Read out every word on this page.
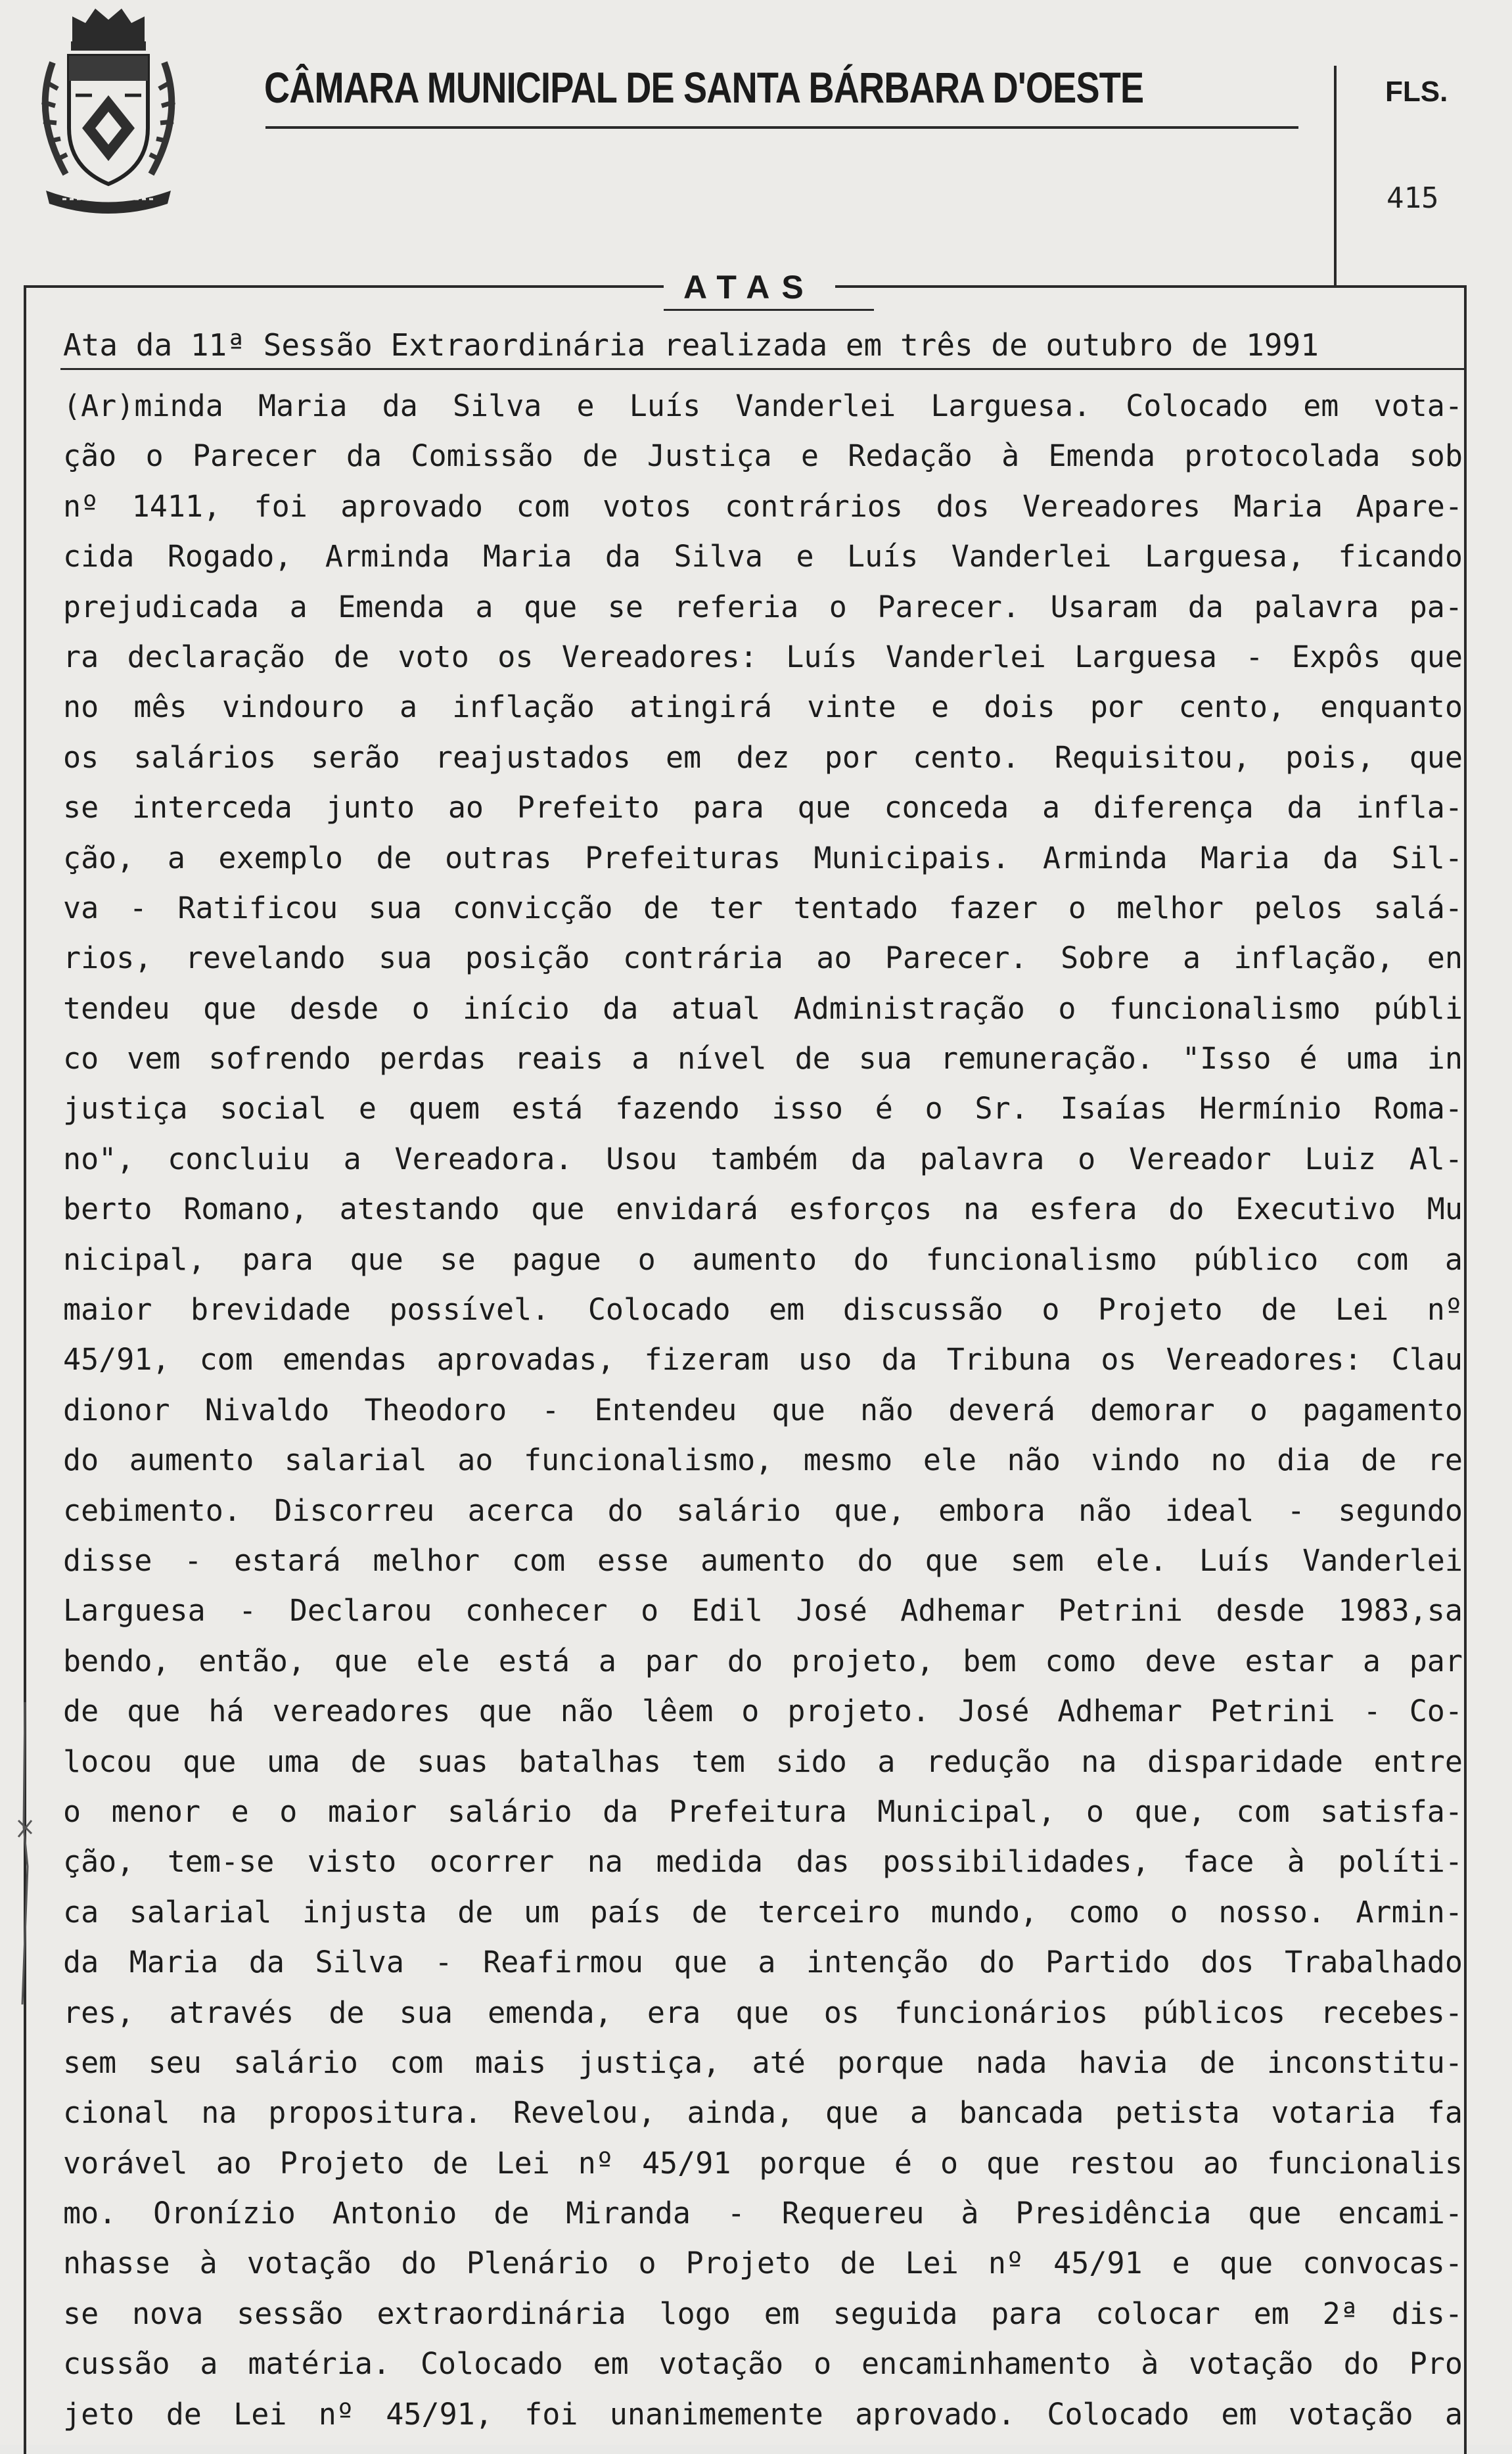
CÂMARA MUNICIPAL DE SANTA BÁRBARA D'OESTE	FLS.
415
ATAS
Ata da 11ª Sessão Extraordinária realizada em três de outubro de 1991
(Ar)minda Maria da Silva e Luís Vanderlei Larguesa. Colocado em vota-
ção o Parecer da Comissão de Justiça e Redação à Emenda protocolada sob
nº 1411, foi aprovado com votos contrários dos Vereadores Maria Apare-
cida Rogado, Arminda Maria da Silva e Luís Vanderlei Larguesa, ficando
prejudicada a Emenda a que se referia o Parecer. Usaram da palavra pa-
ra declaração de voto os Vereadores: Luís Vanderlei Larguesa - Expôs que
no mês vindouro a inflação atingirá vinte e dois por cento, enquanto
os salários serão reajustados em dez por cento. Requisitou, pois, que
se interceda junto ao Prefeito para que conceda a diferença da infla-
ção, a exemplo de outras Prefeituras Municipais. Arminda Maria da Sil-
va - Ratificou sua convicção de ter tentado fazer o melhor pelos salá-
rios, revelando sua posição contrária ao Parecer. Sobre a inflação, en
tendeu que desde o início da atual Administração o funcionalismo públi
co vem sofrendo perdas reais a nível de sua remuneração. "Isso é uma in
justiça social e quem está fazendo isso é o Sr. Isaías Hermínio Roma-
no", concluiu a Vereadora. Usou também da palavra o Vereador Luiz Al-
berto Romano, atestando que envidará esforços na esfera do Executivo Mu
nicipal, para que se pague o aumento do funcionalismo público com a
maior brevidade possível. Colocado em discussão o Projeto de Lei nº
45/91, com emendas aprovadas, fizeram uso da Tribuna os Vereadores: Clau
dionor Nivaldo Theodoro - Entendeu que não deverá demorar o pagamento
do aumento salarial ao funcionalismo, mesmo ele não vindo no dia de re
cebimento. Discorreu acerca do salário que, embora não ideal - segundo
disse - estará melhor com esse aumento do que sem ele. Luís Vanderlei
Larguesa - Declarou conhecer o Edil José Adhemar Petrini desde 1983,sa
bendo, então, que ele está a par do projeto, bem como deve estar a par
de que há vereadores que não lêem o projeto. José Adhemar Petrini - Co-
locou que uma de suas batalhas tem sido a redução na disparidade entre
o menor e o maior salário da Prefeitura Municipal, o que, com satisfa-
ção, tem-se visto ocorrer na medida das possibilidades, face à políti-
ca salarial injusta de um país de terceiro mundo, como o nosso. Armin-
da Maria da Silva - Reafirmou que a intenção do Partido dos Trabalhado
res, através de sua emenda, era que os funcionários públicos recebes-
sem seu salário com mais justiça, até porque nada havia de inconstitu-
cional na propositura. Revelou, ainda, que a bancada petista votaria fa
vorável ao Projeto de Lei nº 45/91 porque é o que restou ao funcionalis
mo. Oronízio Antonio de Miranda - Requereu à Presidência que encami-
nhasse à votação do Plenário o Projeto de Lei nº 45/91 e que convocas-
se nova sessão extraordinária logo em seguida para colocar em 2ª dis-
cussão a matéria. Colocado em votação o encaminhamento à votação do Pro
jeto de Lei nº 45/91, foi unanimemente aprovado. Colocado em votação a
